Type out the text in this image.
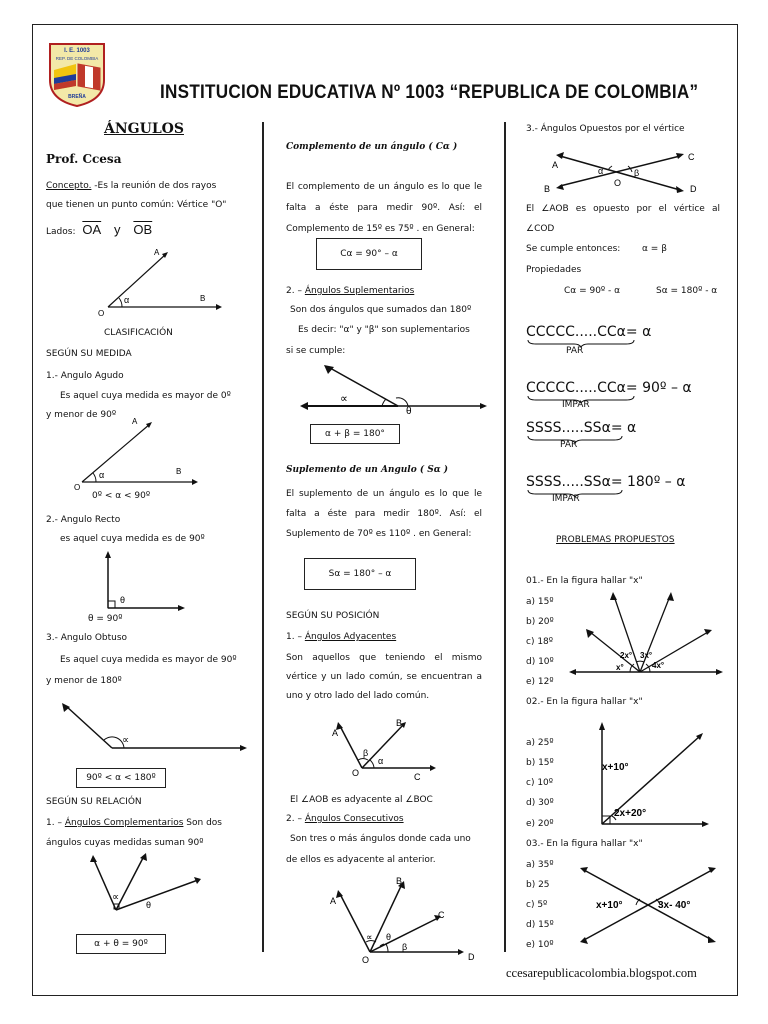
I. E. 1003
REP. DE COLOMBIA
BREÑA	INSTITUCION EDUCATIVA Nº 1003 “REPUBLICA DE COLOMBIA”
ÁNGULOS
Prof. Ccesa
Concepto. -Es la reunión de dos rayos
que tienen un punto común: Vértice "O"
Lados: $\overline{OA}$ y $\overline{OB}$
α
O
B
A
CLASIFICACIÓN
SEGÚN SU MEDIDA
1.- Angulo Agudo
Es aquel cuya medida es mayor de 0º
y menor de 90º
α
O
B
A
0º < α < 90º
2.- Angulo Recto
es aquel cuya medida es de 90º
θ
θ = 90º
3.- Angulo Obtuso
Es aquel cuya medida es mayor de 90º
y menor de 180º
∝
90º < α < 180º
SEGÚN SU RELACIÓN
1. – Ángulos Complementarios Son dos
ángulos cuyas medidas suman 90º
∝
θ
α + θ = 90º
Complemento de un ángulo ( Cα )
El complemento de un ángulo es lo que le
falta a éste para medir 90º. Así: el
Complemento de 15º es 75º . en General:
Cα = 90° – α
2. – Ángulos Suplementarios
Son dos ángulos que sumados dan 180º
Es decir: "α" y "β" son suplementarios
si se cumple:
∝
θ
α + β = 180°
Suplemento de un Angulo ( Sα )
El suplemento de un ángulo es lo que le
falta a éste para medir 180º. Así: el
Suplemento de 70º es 110º . en General:
Sα = 180° – α
SEGÚN SU POSICIÓN
1. – Ángulos Adyacentes
Son aquellos que teniendo el mismo
vértice y un lado común, se encuentran a
uno y otro lado del lado común.
α
β
O
A
B
C
El ∠AOB es adyacente al ∠BOC
2. – Ángulos Consecutivos
Son tres o más ángulos donde cada uno
de ellos es adyacente al anterior.
∝ θ
β
O
A
B
C
D
3.- Ángulos Opuestos por el vértice
α	β
O
A
B
C
D
El ∠AOB es opuesto por el vértice al
∠COD
Se cumple entonces: α = β
Propiedades
Cα = 90º - α	Sα = 180º - α
CCCCC.....CCα= α
PAR
CCCCC.....CCα= 90º – α
IMPAR
SSSS.....SSα= α
PAR
SSSS.....SSα= 180º – α
IMPAR
PROBLEMAS PROPUESTOS
01.- En la figura hallar "x"
a) 15º
b) 20º
c) 18º
d) 10º
e) 12º
x°
2x° 3x°
4x°
02.- En la figura hallar "x"
a) 25º
b) 15º
c) 10º
d) 30º
e) 20º
x+10°
2x+20°
03.- En la figura hallar "x"
a) 35º
b) 25
c) 5º
d) 15º
e) 10º
x+10°	3x- 40°
ccesarepublicacolombia.blogspot.com
